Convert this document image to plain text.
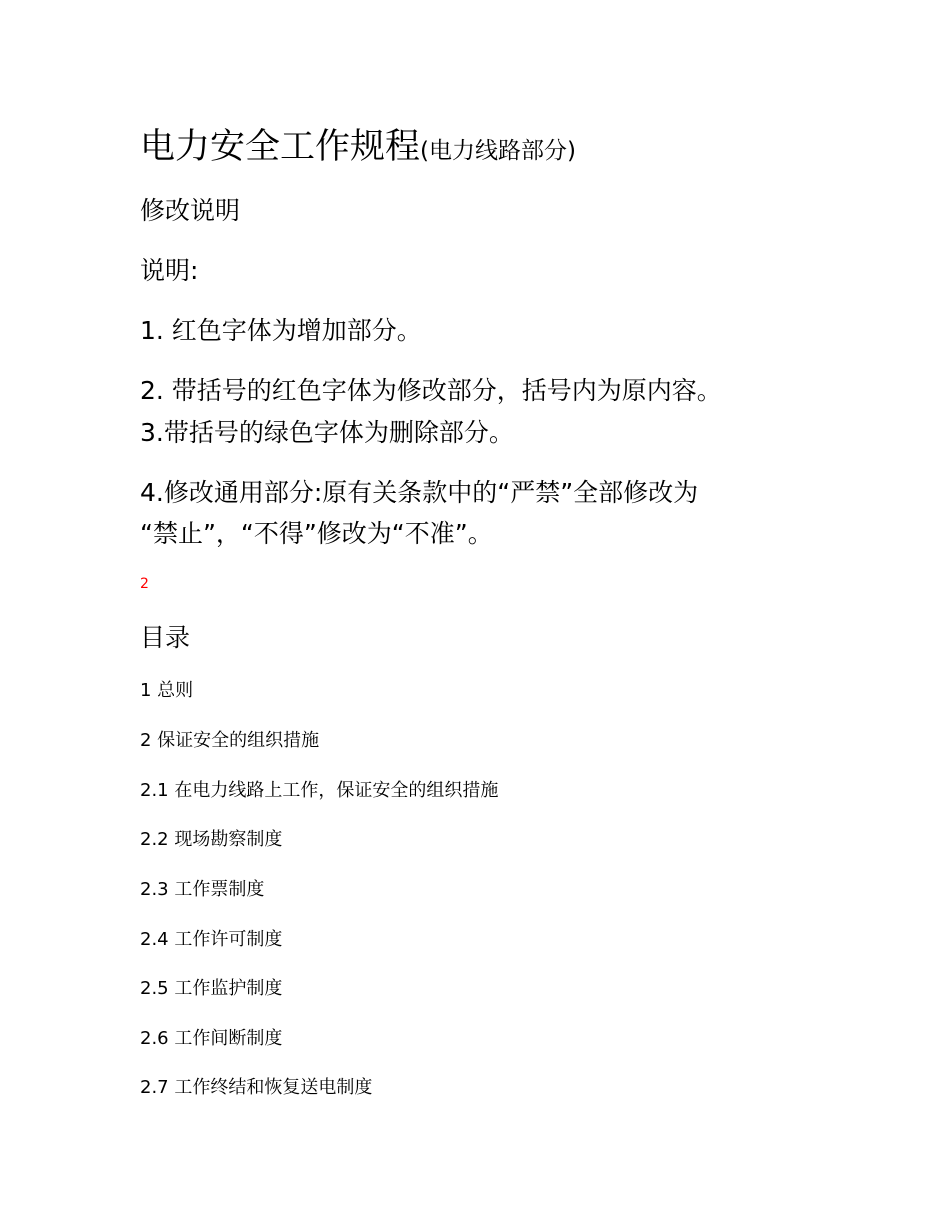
电力安全工作规程(电力线路部分)
修改说明
说明:
1. 红色字体为增加部分。
2. 带括号的红色字体为修改部分，括号内为原内容。
3.带括号的绿色字体为删除部分。
4.修改通用部分:原有关条款中的“严禁”全部修改为
“禁止”，“不得”修改为“不准”。
2
目录
1 总则
2 保证安全的组织措施
2.1 在电力线路上工作，保证安全的组织措施
2.2 现场勘察制度
2.3 工作票制度
2.4 工作许可制度
2.5 工作监护制度
2.6 工作间断制度
2.7 工作终结和恢复送电制度
